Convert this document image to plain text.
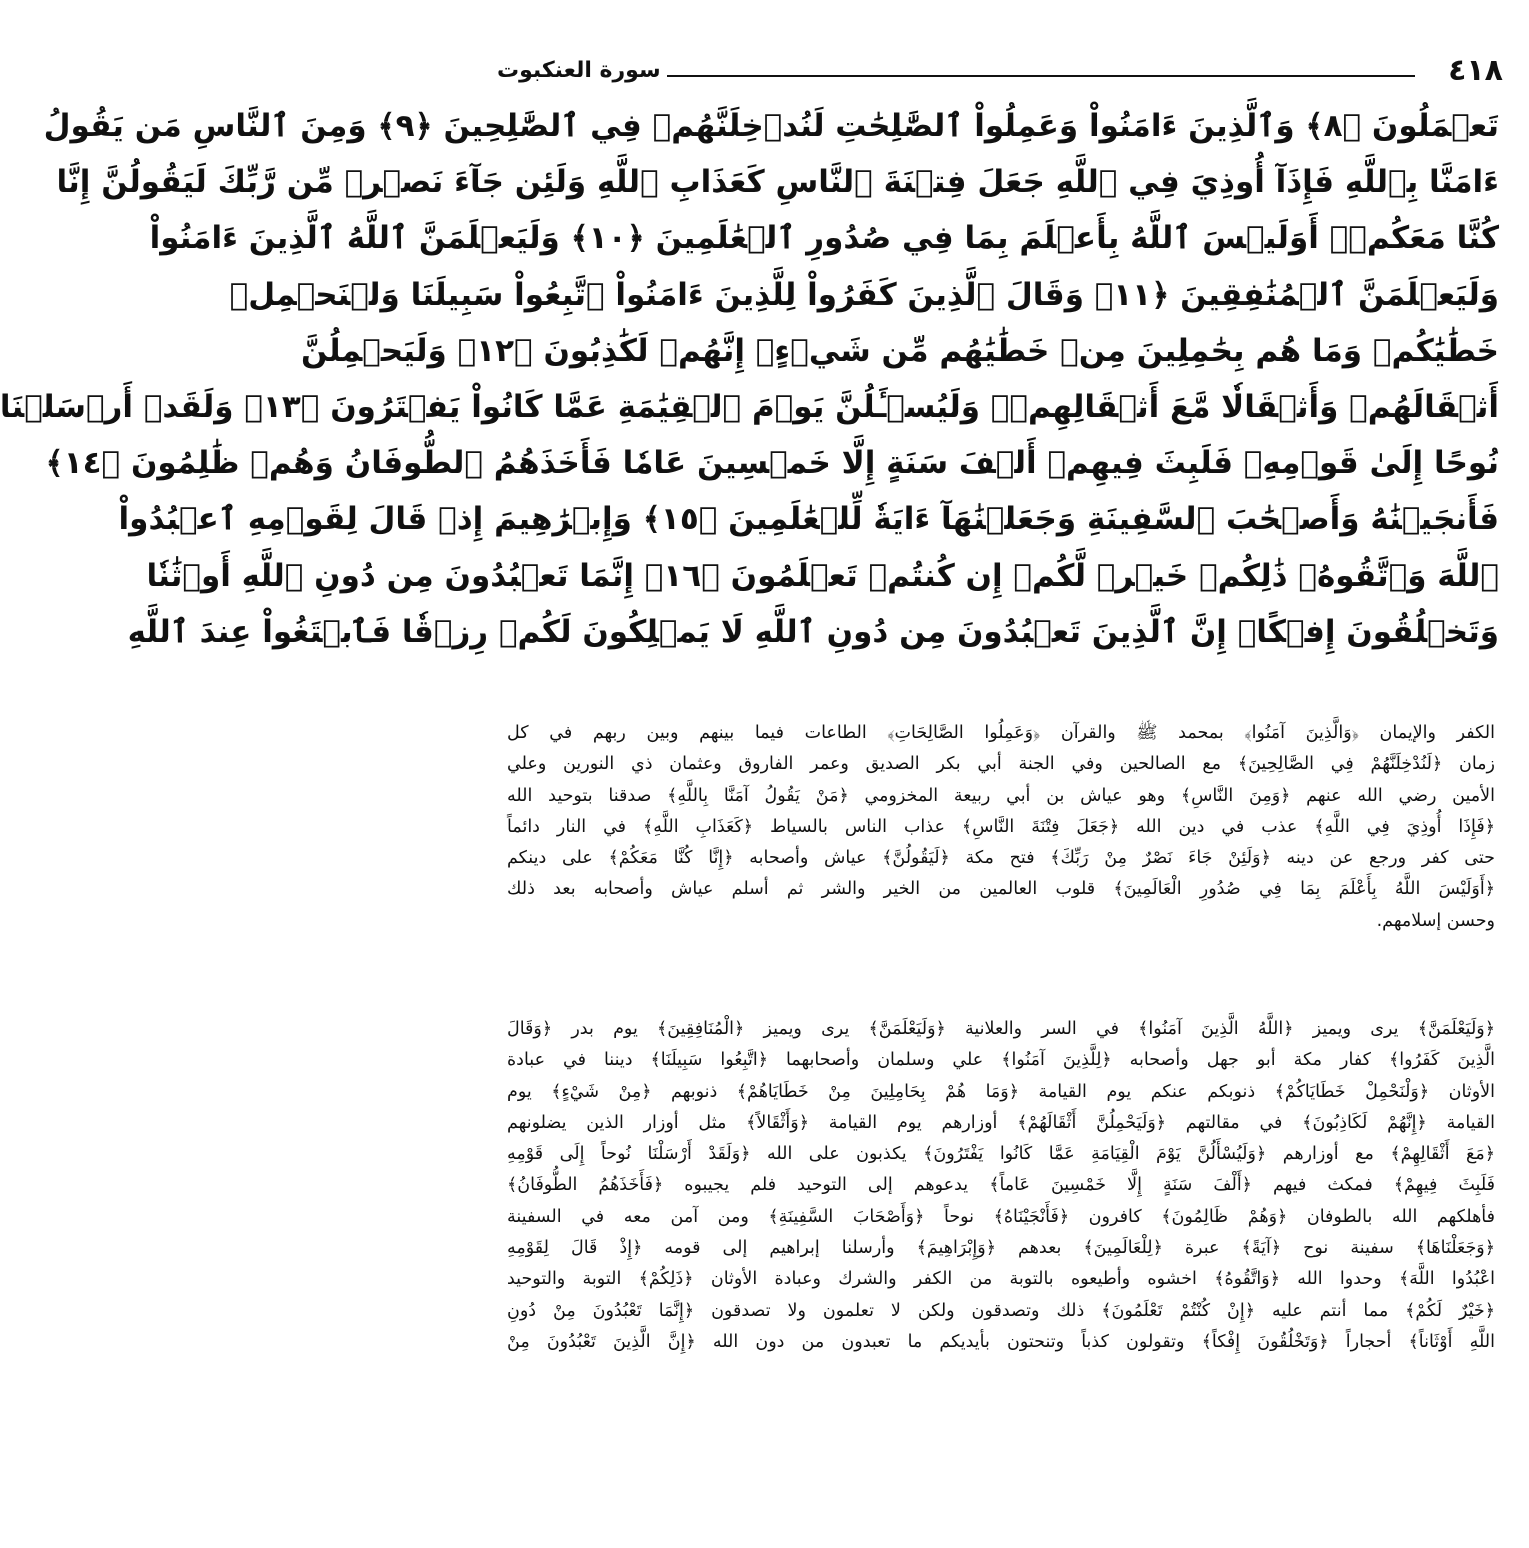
٤١٨
سورة العنكبوت
تَعۡمَلُونَ ﴿٨﴾ وَٱلَّذِينَ ءَامَنُواْ وَعَمِلُواْ ٱلصَّٰلِحَٰتِ لَنُدۡخِلَنَّهُمۡ فِي ٱلصَّٰلِحِينَ ﴿٩﴾ وَمِنَ ٱلنَّاسِ مَن يَقُولُ
ءَامَنَّا بِٱللَّهِ فَإِذَآ أُوذِيَ فِي ٱللَّهِ جَعَلَ فِتۡنَةَ ٱلنَّاسِ كَعَذَابِ ٱللَّهِ وَلَئِن جَآءَ نَصۡرٞ مِّن رَّبِّكَ لَيَقُولُنَّ إِنَّا
كُنَّا مَعَكُمۡۚ أَوَلَيۡسَ ٱللَّهُ بِأَعۡلَمَ بِمَا فِي صُدُورِ ٱلۡعَٰلَمِينَ ﴿١٠﴾ وَلَيَعۡلَمَنَّ ٱللَّهُ ٱلَّذِينَ ءَامَنُواْ
وَلَيَعۡلَمَنَّ ٱلۡمُنَٰفِقِينَ ﴿١١﴾ وَقَالَ ٱلَّذِينَ كَفَرُواْ لِلَّذِينَ ءَامَنُواْ ٱتَّبِعُواْ سَبِيلَنَا وَلۡنَحۡمِلۡ
خَطَٰيَٰكُمۡ وَمَا هُم بِحَٰمِلِينَ مِنۡ خَطَٰيَٰهُم مِّن شَيۡءٍۖ إِنَّهُمۡ لَكَٰذِبُونَ ﴿١٢﴾ وَلَيَحۡمِلُنَّ
أَثۡقَالَهُمۡ وَأَثۡقَالٗا مَّعَ أَثۡقَالِهِمۡۖ وَلَيُسۡـَٔلُنَّ يَوۡمَ ٱلۡقِيَٰمَةِ عَمَّا كَانُواْ يَفۡتَرُونَ ﴿١٣﴾ وَلَقَدۡ أَرۡسَلۡنَا
نُوحًا إِلَىٰ قَوۡمِهِۦ فَلَبِثَ فِيهِمۡ أَلۡفَ سَنَةٍ إِلَّا خَمۡسِينَ عَامٗا فَأَخَذَهُمُ ٱلطُّوفَانُ وَهُمۡ ظَٰلِمُونَ ﴿١٤﴾
فَأَنجَيۡنَٰهُ وَأَصۡحَٰبَ ٱلسَّفِينَةِ وَجَعَلۡنَٰهَآ ءَايَةٗ لِّلۡعَٰلَمِينَ ﴿١٥﴾ وَإِبۡرَٰهِيمَ إِذۡ قَالَ لِقَوۡمِهِ ٱعۡبُدُواْ
ٱللَّهَ وَٱتَّقُوهُۖ ذَٰلِكُمۡ خَيۡرٞ لَّكُمۡ إِن كُنتُمۡ تَعۡلَمُونَ ﴿١٦﴾ إِنَّمَا تَعۡبُدُونَ مِن دُونِ ٱللَّهِ أَوۡثَٰنٗا
وَتَخۡلُقُونَ إِفۡكًاۚ إِنَّ ٱلَّذِينَ تَعۡبُدُونَ مِن دُونِ ٱللَّهِ لَا يَمۡلِكُونَ لَكُمۡ رِزۡقٗا فَٱبۡتَغُواْ عِندَ ٱللَّهِ
الكفر والإيمان ﴿وَالَّذِينَ آمَنُوا﴾ بمحمد ﷺ والقرآن ﴿وَعَمِلُوا الصَّالِحَاتِ﴾ الطاعات فيما بينهم وبين ربهم في كل
زمان ﴿لَنُدْخِلَنَّهُمْ فِي الصَّالِحِينَ﴾ مع الصالحين وفي الجنة أبي بكر الصديق وعمر الفاروق وعثمان ذي النورين وعلي
الأمين رضي الله عنهم ﴿وَمِنَ النَّاسِ﴾ وهو عياش بن أبي ربيعة المخزومي ﴿مَنْ يَقُولُ آمَنَّا بِاللَّهِ﴾ صدقنا بتوحيد الله
﴿فَإِذَا أُوذِيَ فِي اللَّهِ﴾ عذب في دين الله ﴿جَعَلَ فِتْنَةَ النَّاسِ﴾ عذاب الناس بالسياط ﴿كَعَذَابِ اللَّهِ﴾ في النار دائماً
حتى كفر ورجع عن دينه ﴿وَلَئِنْ جَاءَ نَصْرٌ مِنْ رَبِّكَ﴾ فتح مكة ﴿لَيَقُولُنَّ﴾ عياش وأصحابه ﴿إِنَّا كُنَّا مَعَكُمْ﴾ على دينكم
﴿أَوَلَيْسَ اللَّهُ بِأَعْلَمَ بِمَا فِي صُدُورِ الْعَالَمِينَ﴾ قلوب العالمين من الخير والشر ثم أسلم عياش وأصحابه بعد ذلك
وحسن إسلامهم.
﴿وَلَيَعْلَمَنَّ﴾ يرى ويميز ﴿اللَّهُ الَّذِينَ آمَنُوا﴾ في السر والعلانية ﴿وَلَيَعْلَمَنَّ﴾ يرى ويميز ﴿الْمُنَافِقِينَ﴾ يوم بدر ﴿وَقَالَ
الَّذِينَ كَفَرُوا﴾ كفار مكة أبو جهل وأصحابه ﴿لِلَّذِينَ آمَنُوا﴾ علي وسلمان وأصحابهما ﴿اتَّبِعُوا سَبِيلَنَا﴾ ديننا في عبادة
الأوثان ﴿وَلْنَحْمِلْ خَطَايَاكُمْ﴾ ذنوبكم عنكم يوم القيامة ﴿وَمَا هُمْ بِحَامِلِينَ مِنْ خَطَايَاهُمْ﴾ ذنوبهم ﴿مِنْ شَيْءٍ﴾ يوم
القيامة ﴿إِنَّهُمْ لَكَاذِبُونَ﴾ في مقالتهم ﴿وَلَيَحْمِلُنَّ أَثْقَالَهُمْ﴾ أوزارهم يوم القيامة ﴿وَأَثْقَالاً﴾ مثل أوزار الذين يضلونهم
﴿مَعَ أَثْقَالِهِمْ﴾ مع أوزارهم ﴿وَلَيُسْأَلُنَّ يَوْمَ الْقِيَامَةِ عَمَّا كَانُوا يَفْتَرُونَ﴾ يكذبون على الله ﴿وَلَقَدْ أَرْسَلْنَا نُوحاً إِلَى قَوْمِهِ
فَلَبِثَ فِيهِمْ﴾ فمكث فيهم ﴿أَلْفَ سَنَةٍ إِلَّا خَمْسِينَ عَاماً﴾ يدعوهم إلى التوحيد فلم يجيبوه ﴿فَأَخَذَهُمُ الطُّوفَانُ﴾
فأهلكهم الله بالطوفان ﴿وَهُمْ ظَالِمُونَ﴾ كافرون ﴿فَأَنْجَيْنَاهُ﴾ نوحاً ﴿وَأَصْحَابَ السَّفِينَةِ﴾ ومن آمن معه في السفينة
﴿وَجَعَلْنَاهَا﴾ سفينة نوح ﴿آيَةً﴾ عبرة ﴿لِلْعَالَمِينَ﴾ بعدهم ﴿وَإِبْرَاهِيمَ﴾ وأرسلنا إبراهيم إلى قومه ﴿إِذْ قَالَ لِقَوْمِهِ
اعْبُدُوا اللَّهَ﴾ وحدوا الله ﴿وَاتَّقُوهُ﴾ اخشوه وأطيعوه بالتوبة من الكفر والشرك وعبادة الأوثان ﴿ذَلِكُمْ﴾ التوبة والتوحيد
﴿خَيْرٌ لَكُمْ﴾ مما أنتم عليه ﴿إِنْ كُنْتُمْ تَعْلَمُونَ﴾ ذلك وتصدقون ولكن لا تعلمون ولا تصدقون ﴿إِنَّمَا تَعْبُدُونَ مِنْ دُونِ
اللَّهِ أَوْثَاناً﴾ أحجاراً ﴿وَتَخْلُقُونَ إِفْكاً﴾ وتقولون كذباً وتنحتون بأيديكم ما تعبدون من دون الله ﴿إِنَّ الَّذِينَ تَعْبُدُونَ مِنْ
